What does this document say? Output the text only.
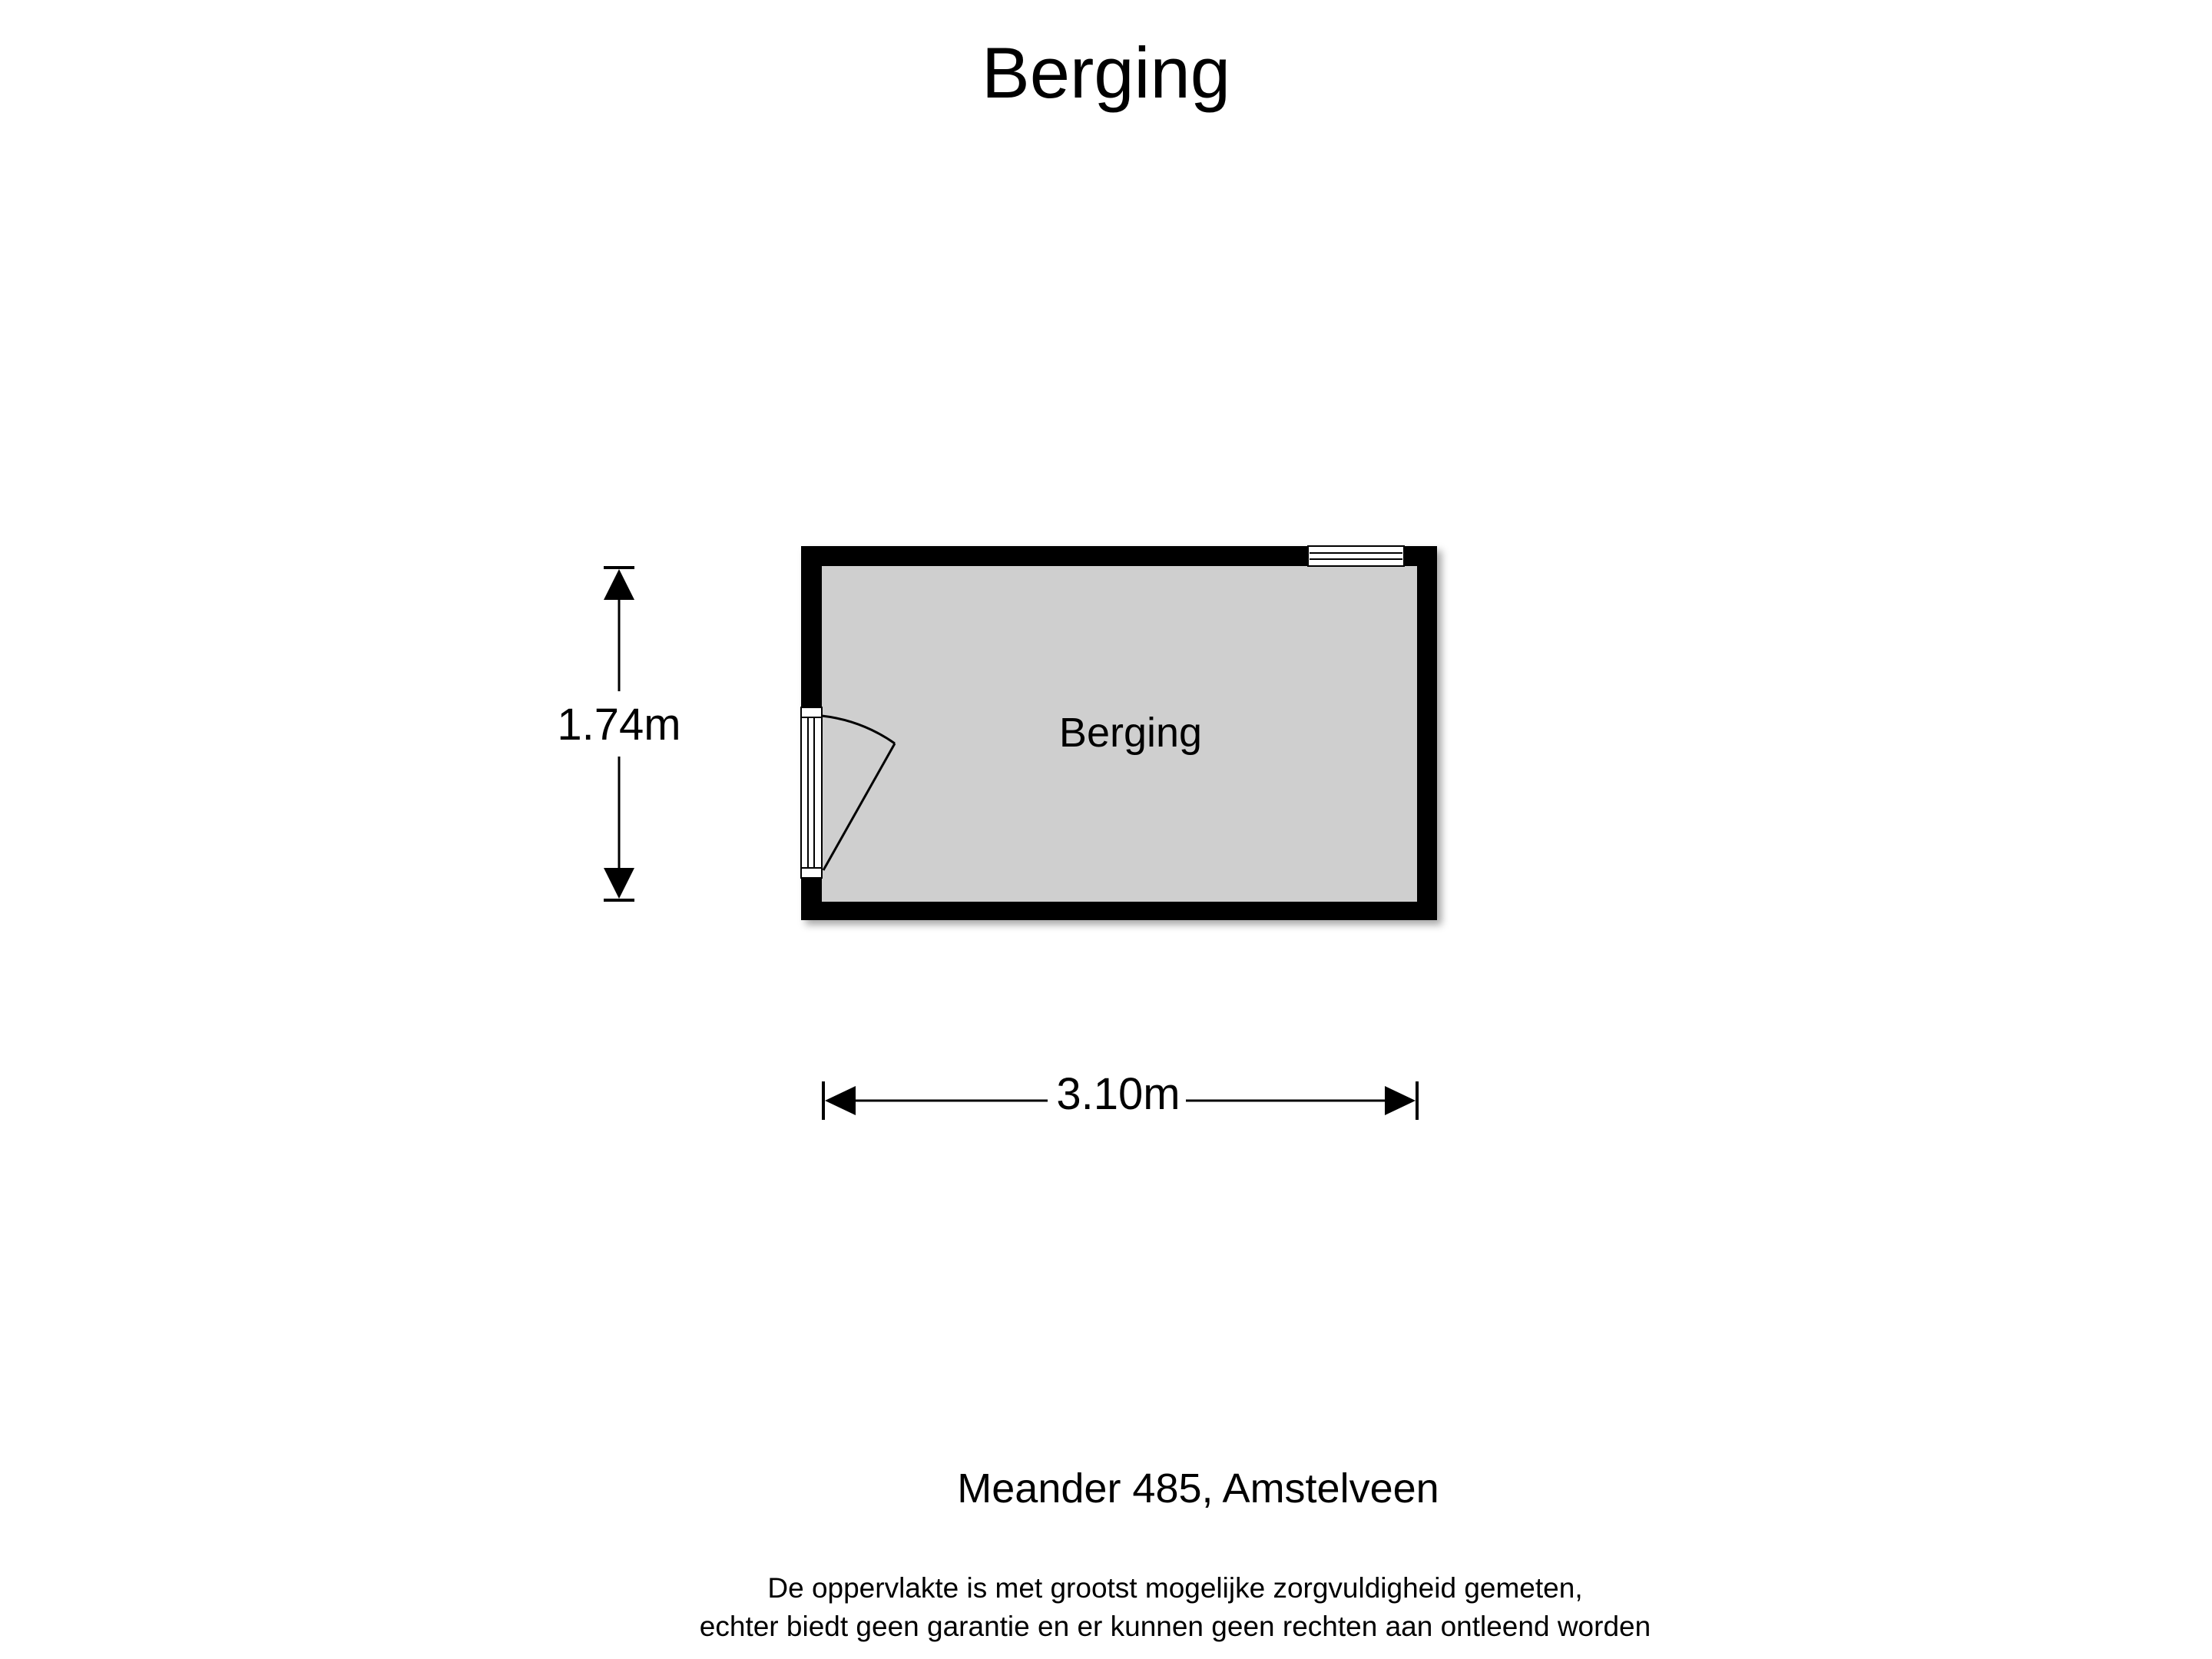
Berging
Berging
1.74m
3.10m
Meander 485, Amstelveen
De oppervlakte is met grootst mogelijke zorgvuldigheid gemeten,
echter biedt geen garantie en er kunnen geen rechten aan ontleend worden
